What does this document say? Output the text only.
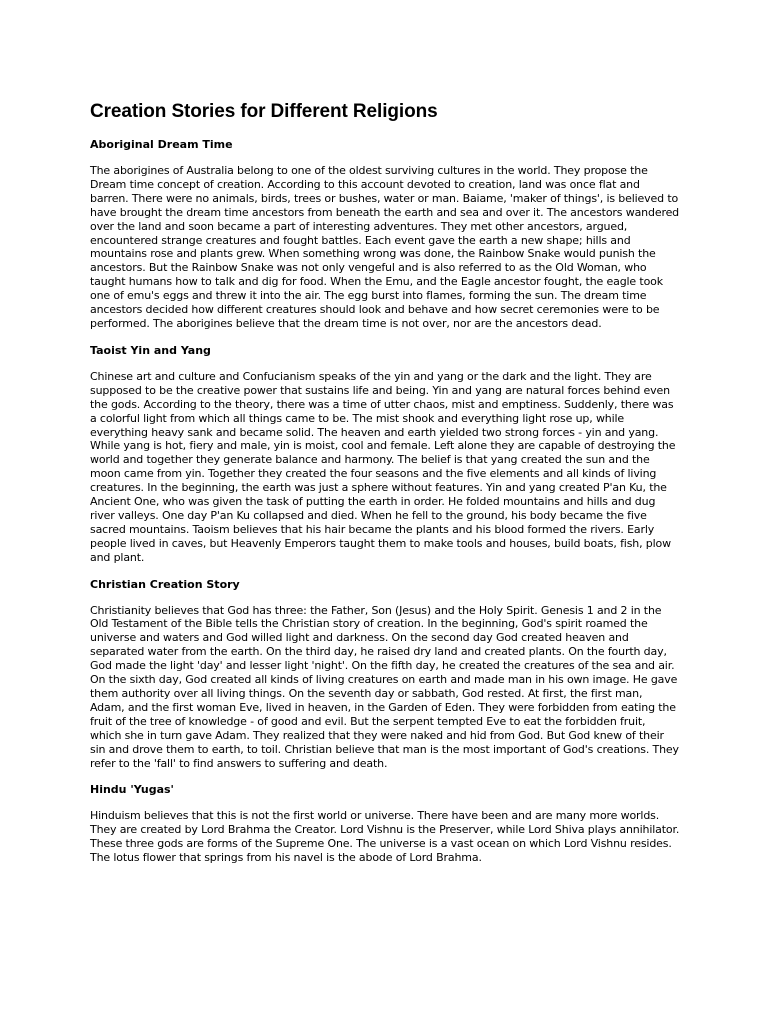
Creation Stories for Different Religions
Aboriginal Dream Time

The aborigines of Australia belong to one of the oldest surviving cultures in the world. They propose the Dream time concept of creation. According to this account devoted to creation, land was once flat and barren. There were no animals, birds, trees or bushes, water or man. Baiame, 'maker of things', is believed to have brought the dream time ancestors from beneath the earth and sea and over it. The ancestors wandered over the land and soon became a part of interesting adventures. They met other ancestors, argued, encountered strange creatures and fought battles. Each event gave the earth a new shape; hills and mountains rose and plants grew. When something wrong was done, the Rainbow Snake would punish the ancestors. But the Rainbow Snake was not only vengeful and is also referred to as the Old Woman, who taught humans how to talk and dig for food. When the Emu, and the Eagle ancestor fought, the eagle took one of emu's eggs and threw it into the air. The egg burst into flames, forming the sun. The dream time ancestors decided how different creatures should look and behave and how secret ceremonies were to be performed. The aborigines believe that the dream time is not over, nor are the ancestors dead.

Taoist Yin and Yang

Chinese art and culture and Confucianism speaks of the yin and yang or the dark and the light. They are supposed to be the creative power that sustains life and being. Yin and yang are natural forces behind even the gods. According to the theory, there was a time of utter chaos, mist and emptiness. Suddenly, there was a colorful light from which all things came to be. The mist shook and everything light rose up, while everything heavy sank and became solid. The heaven and earth yielded two strong forces - yin and yang. While yang is hot, fiery and male, yin is moist, cool and female. Left alone they are capable of destroying the world and together they generate balance and harmony. The belief is that yang created the sun and the moon came from yin. Together they created the four seasons and the five elements and all kinds of living creatures. In the beginning, the earth was just a sphere without features. Yin and yang created P'an Ku, the Ancient One, who was given the task of putting the earth in order. He folded mountains and hills and dug river valleys. One day P'an Ku collapsed and died. When he fell to the ground, his body became the five sacred mountains. Taoism believes that his hair became the plants and his blood formed the rivers. Early people lived in caves, but Heavenly Emperors taught them to make tools and houses, build boats, fish, plow and plant.

Christian Creation Story

Christianity believes that God has three: the Father, Son (Jesus) and the Holy Spirit. Genesis 1 and 2 in the Old Testament of the Bible tells the Christian story of creation. In the beginning, God's spirit roamed the universe and waters and God willed light and darkness. On the second day God created heaven and separated water from the earth. On the third day, he raised dry land and created plants. On the fourth day, God made the light 'day' and lesser light 'night'. On the fifth day, he created the creatures of the sea and air. On the sixth day, God created all kinds of living creatures on earth and made man in his own image. He gave them authority over all living things. On the seventh day or sabbath, God rested. At first, the first man, Adam, and the first woman Eve, lived in heaven, in the Garden of Eden. They were forbidden from eating the fruit of the tree of knowledge - of good and evil. But the serpent tempted Eve to eat the forbidden fruit, which she in turn gave Adam. They realized that they were naked and hid from God. But God knew of their sin and drove them to earth, to toil. Christian believe that man is the most important of God's creations. They refer to the 'fall' to find answers to suffering and death.

Hindu 'Yugas'

Hinduism believes that this is not the first world or universe. There have been and are many more worlds. They are created by Lord Brahma the Creator. Lord Vishnu is the Preserver, while Lord Shiva plays annihilator. These three gods are forms of the Supreme One. The universe is a vast ocean on which Lord Vishnu resides. The lotus flower that springs from his navel is the abode of Lord Brahma.
